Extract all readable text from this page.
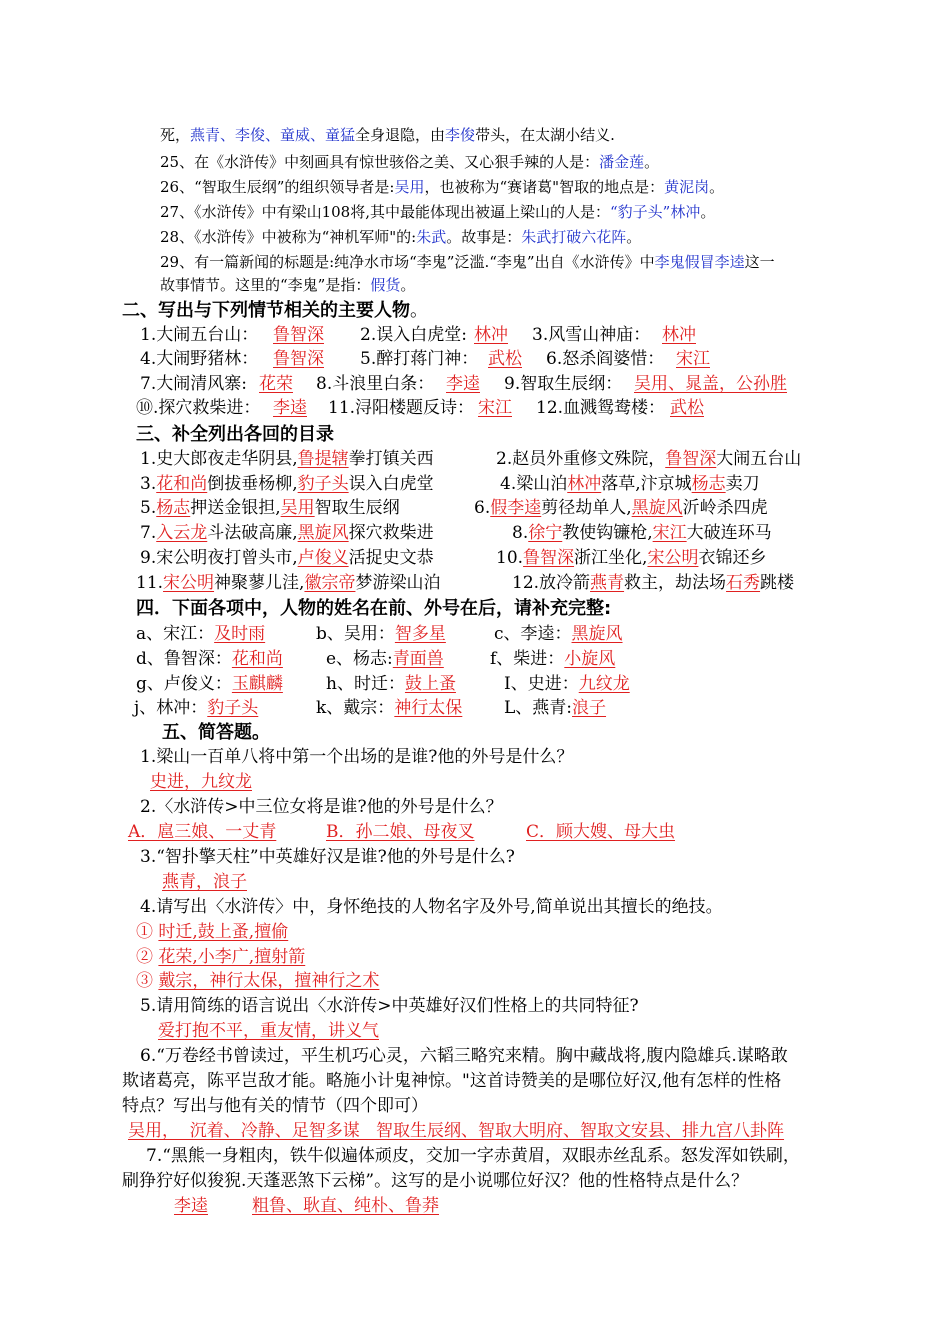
死，燕青、李俊、童威、童猛全身退隐，由李俊带头，在太湖小结义.
25、在《水浒传》中刻画具有惊世骇俗之美、又心狠手辣的人是：潘金莲。
26、“智取生辰纲”的组织领导者是:吴用，也被称为“赛诸葛"智取的地点是：黄泥岗。
27、《水浒传》中有梁山108将,其中最能体现出被逼上梁山的人是：“豹子头”林冲。
28、《水浒传》中被称为“神机军师"的:朱武。故事是：朱武打破六花阵。
29、有一篇新闻的标题是:纯净水市场“李鬼”泛滥.“李鬼”出自《水浒传》中李鬼假冒李逵这一
故事情节。这里的“李鬼”是指：假货。
二、写出与下列情节相关的主要人物。
1.大闹五台山： 鲁智深 2.误入白虎堂: 林冲 3.风雪山神庙： 林冲
4.大闹野猪林： 鲁智深 5.醉打蒋门神： 武松 6.怒杀阎婆惜： 宋江
7.大闹清风寨: 花荣 8.斗浪里白条： 李逵 9.智取生辰纲： 吴用、晁盖，公孙胜
⑩.探穴救柴进： 李逵 11.浔阳楼题反诗： 宋江 12.血溅鸳鸯楼： 武松
三、补全列出各回的目录
1.史大郎夜走华阴县,鲁提辖拳打镇关西	2.赵员外重修文殊院，鲁智深大闹五台山
3.花和尚倒拔垂杨柳,豹子头误入白虎堂	4.梁山泊林冲落草,汴京城杨志卖刀
5.杨志押送金银担,吴用智取生辰纲	6.假李逵剪径劫单人,黑旋风沂岭杀四虎
7.入云龙斗法破高廉,黑旋风探穴救柴进	8.徐宁教使钩镰枪,宋江大破连环马
9.宋公明夜打曾头市,卢俊义活捉史文恭	10.鲁智深浙江坐化,宋公明衣锦还乡
11.宋公明神聚蓼儿洼,徽宗帝梦游梁山泊	12.放冷箭燕青救主，劫法场石秀跳楼
四．下面各项中，人物的姓名在前、外号在后，请补充完整:
a、宋江：及时雨	b、吴用：智多星	c、李逵：黑旋风
d、鲁智深：花和尚	e、杨志:青面兽	f、柴进：小旋风
g、卢俊义：玉麒麟	h、时迁：鼓上蚤	I、史进：九纹龙
j、林冲：豹子头	k、戴宗：神行太保 L、燕青:浪子
五、简答题。
1.梁山一百单八将中第一个出场的是谁?他的外号是什么？
史进，九纹龙
2.〈水浒传>中三位女将是谁?他的外号是什么？
A．扈三娘、一丈青	B．孙二娘、母夜叉	C．顾大嫂、母大虫
3.“智扑擎天柱”中英雄好汉是谁?他的外号是什么?
燕青，浪子
4.请写出〈水浒传〉中，身怀绝技的人物名字及外号,简单说出其擅长的绝技。
① 时迁,鼓上蚤,擅偷
② 花荣,小李广,擅射箭
③ 戴宗，神行太保，擅神行之术
5.请用简练的语言说出〈水浒传>中英雄好汉们性格上的共同特征?
爱打抱不平，重友情，讲义气
6.“万卷经书曾读过，平生机巧心灵，六韬三略究来精。胸中藏战将,腹内隐雄兵.谋略敢
欺诸葛亮，陈平岂敌才能。略施小计鬼神惊。"这首诗赞美的是哪位好汉,他有怎样的性格
特点？写出与他有关的情节（四个即可）
吴用，  沉着、冷静、足智多谋   智取生辰纲、智取大明府、智取文安县、排九宫八卦阵
7.“黑熊一身粗肉，铁牛似遍体顽皮，交加一字赤黄眉，双眼赤丝乱系。怒发浑如铁刷，
刷狰狞好似狻猊.天蓬恶煞下云梯”。这写的是小说哪位好汉？他的性格特点是什么？
李逵	粗鲁、耿直、纯朴、鲁莽
